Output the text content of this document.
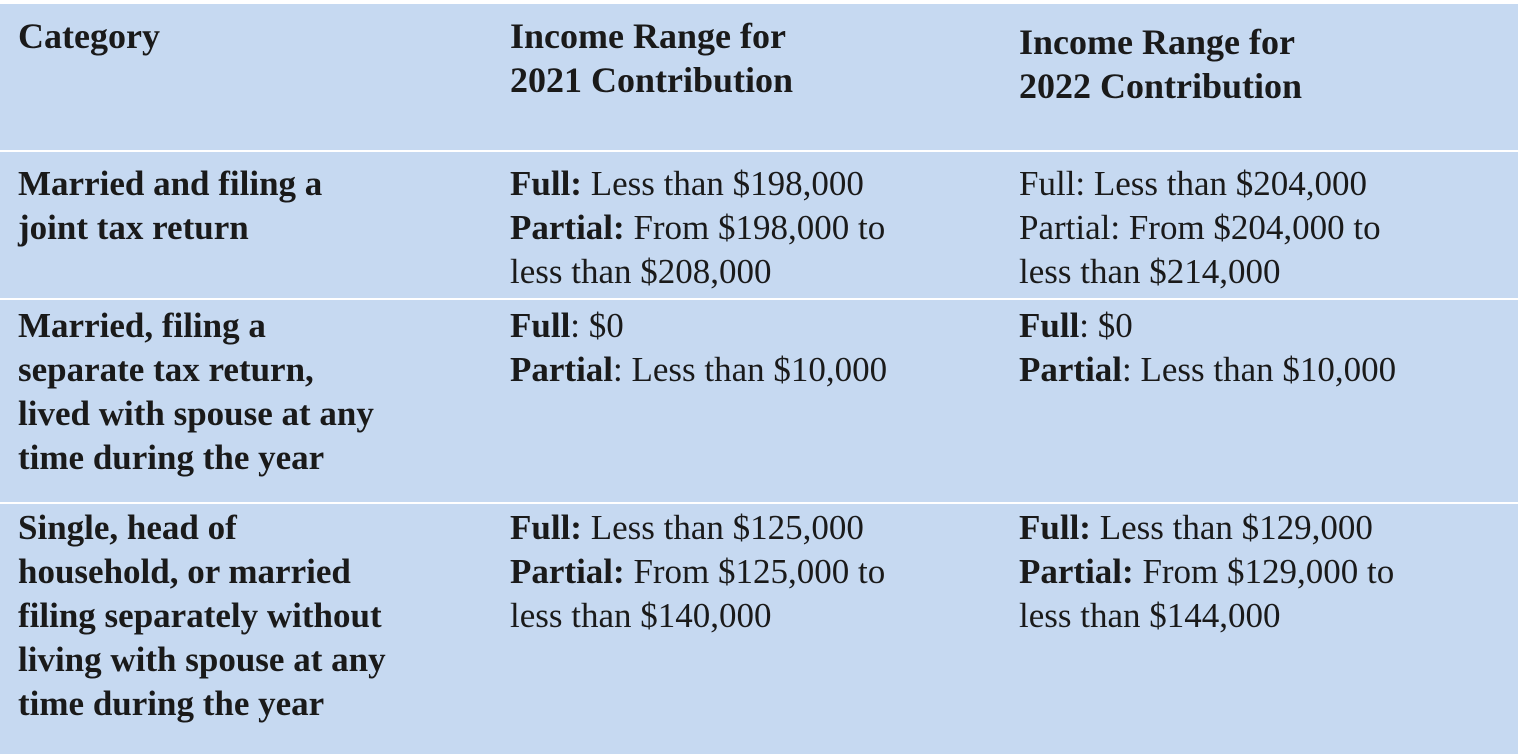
Category	Income Range for
2021 Contribution
Income Range for
2022 Contribution
Married and filing a
joint tax return
Full: Less than $198,000
Partial: From $198,000 to
less than $208,000
Full: Less than $204,000
Partial: From $204,000 to
less than $214,000
Married, filing a
separate tax return,
lived with spouse at any
time during the year
Full: $0
Partial: Less than $10,000
Full: $0
Partial: Less than $10,000
Single, head of
household, or married
filing separately without
living with spouse at any
time during the year
Full: Less than $125,000
Partial: From $125,000 to
less than $140,000
Full: Less than $129,000
Partial: From $129,000 to
less than $144,000
